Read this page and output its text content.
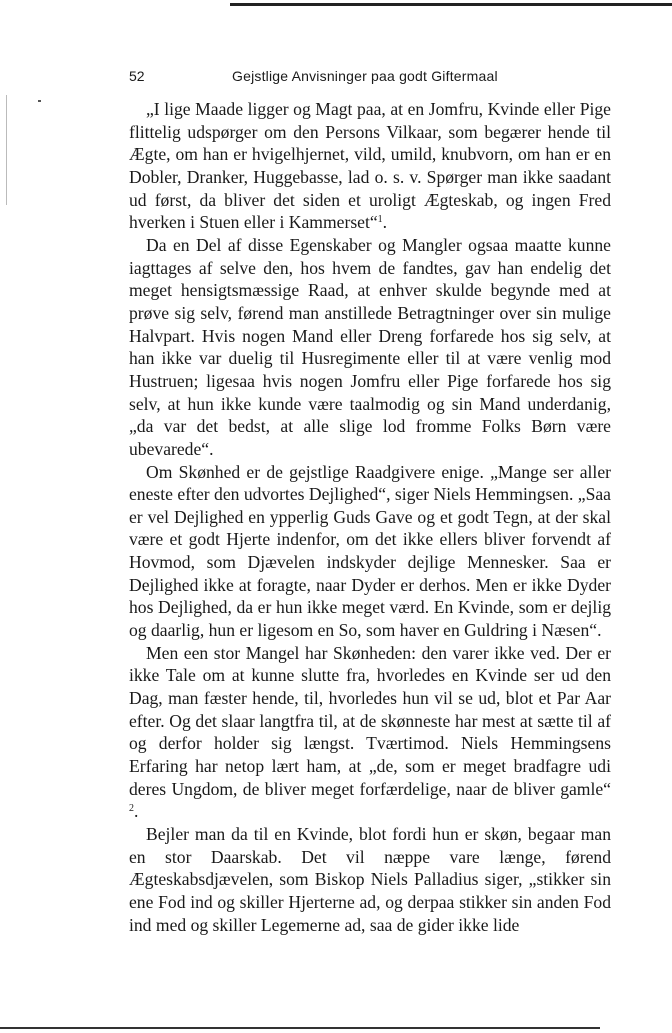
52	Gejstlige Anvisninger paa godt Giftermaal

„I lige Maade ligger og Magt paa, at en Jomfru, Kvinde eller Pige flittelig udspørger om den Persons Vilkaar, som begærer hende til Ægte, om han er hvigelhjernet, vild, umild, knubvorn, om han er en Dobler, Dranker, Huggebasse, lad o. s. v. Spørger man ikke saadant ud først, da bliver det siden et uroligt Ægteskab, og ingen Fred hverken i Stuen eller i Kammerset“$^1$.

Da en Del af disse Egenskaber og Mangler ogsaa maatte kunne iagttages af selve den, hos hvem de fandtes, gav han endelig det meget hensigtsmæssige Raad, at enhver skulde begynde med at prøve sig selv, førend man anstillede Betragtninger over sin mulige Halvpart. Hvis nogen Mand eller Dreng forfarede hos sig selv, at han ikke var duelig til Husregimente eller til at være venlig mod Hustruen; ligesaa hvis nogen Jomfru eller Pige forfarede hos sig selv, at hun ikke kunde være taalmodig og sin Mand underdanig, „da var det bedst, at alle slige lod fromme Folks Børn være ubevarede“.

Om Skønhed er de gejstlige Raadgivere enige. „Mange ser aller eneste efter den udvortes Dejlighed“, siger Niels Hemmingsen. „Saa er vel Dejlighed en ypperlig Guds Gave og et godt Tegn, at der skal være et godt Hjerte indenfor, om det ikke ellers bliver forvendt af Hovmod, som Djævelen indskyder dejlige Mennesker. Saa er Dejlighed ikke at foragte, naar Dyder er derhos. Men er ikke Dyder hos Dejlighed, da er hun ikke meget værd. En Kvinde, som er dejlig og daarlig, hun er ligesom en So, som haver en Guldring i Næsen“.

Men een stor Mangel har Skønheden: den varer ikke ved. Der er ikke Tale om at kunne slutte fra, hvorledes en Kvinde ser ud den Dag, man fæster hende, til, hvorledes hun vil se ud, blot et Par Aar efter. Og det slaar langtfra til, at de skønneste har mest at sætte til af og derfor holder sig længst. Tværtimod. Niels Hemmingsens Erfaring har netop lært ham, at „de, som er meget bradfagre udi deres Ungdom, de bliver meget forfærdelige, naar de bliver gamle“ $^2$.

Bejler man da til en Kvinde, blot fordi hun er skøn, begaar man en stor Daarskab. Det vil næppe vare længe, førend Ægteskabsdjævelen, som Biskop Niels Palladius siger, „stikker sin ene Fod ind og skiller Hjerterne ad, og derpaa stikker sin anden Fod ind med og skiller Legemerne ad, saa de gider ikke lide
